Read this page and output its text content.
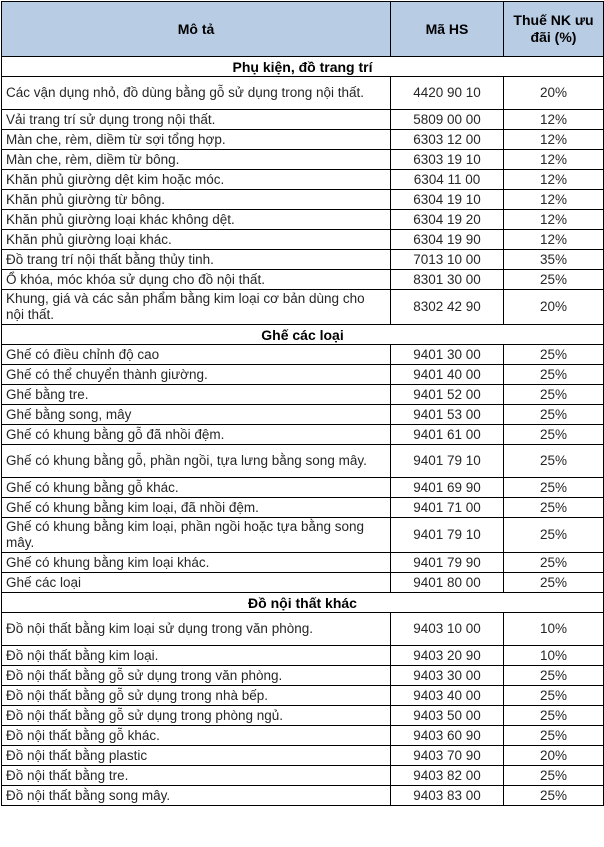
Mô tả	Mã HS	Thuế NK ưu đãi (%)
Phụ kiện, đồ trang trí		
Các vận dụng nhỏ, đồ dùng bằng gỗ sử dụng trong nội thất.	4420 90 10	20%
Vải trang trí sử dụng trong nội thất.	5809 00 00	12%
Màn che, rèm, diềm từ sợi tổng hợp.	6303 12 00	12%
Màn che, rèm, diềm từ bông.	6303 19 10	12%
Khăn phủ giường dệt kim hoặc móc.	6304 11 00	12%
Khăn phủ giường từ bông.	6304 19 10	12%
Khăn phủ giường loại khác không dệt.	6304 19 20	12%
Khăn phủ giường loại khác.	6304 19 90	12%
Đồ trang trí nội thất bằng thủy tinh.	7013 10 00	35%
Ổ khóa, móc khóa sử dụng cho đồ nội thất.	8301 30 00	25%
Khung, giá và các sản phẩm bằng kim loại cơ bản dùng cho nội thất.	8302 42 90	20%
Ghế các loại		
Ghế có điều chỉnh độ cao	9401 30 00	25%
Ghế có thể chuyển thành giường.	9401 40 00	25%
Ghế bằng tre.	9401 52 00	25%
Ghế bằng song, mây	9401 53 00	25%
Ghế có khung bằng gỗ đã nhồi đệm.	9401 61 00	25%
Ghế có khung bằng gỗ, phần ngồi, tựa lưng bằng song mây.	9401 79 10	25%
Ghế có khung bằng gỗ khác.	9401 69 90	25%
Ghế có khung bằng kim loại, đã nhồi đệm.	9401 71 00	25%
Ghế có khung bằng kim loại, phần ngồi hoặc tựa bằng song mây.	9401 79 10	25%
Ghế có khung bằng kim loại khác.	9401 79 90	25%
Ghế các loại	9401 80 00	25%
Đồ nội thất khác		
Đồ nội thất bằng kim loại sử dụng trong văn phòng.	9403 10 00	10%
Đồ nội thất bằng kim loại.	9403 20 90	10%
Đồ nội thất bằng gỗ sử dụng trong văn phòng.	9403 30 00	25%
Đồ nội thất bằng gỗ sử dụng trong nhà bếp.	9403 40 00	25%
Đồ nội thất bằng gỗ sử dụng trong phòng ngủ.	9403 50 00	25%
Đồ nội thất bằng gỗ khác.	9403 60 90	25%
Đồ nội thất bằng plastic	9403 70 90	20%
Đồ nội thất bằng tre.	9403 82 00	25%
Đồ nội thất bằng song mây.	9403 83 00	25%
